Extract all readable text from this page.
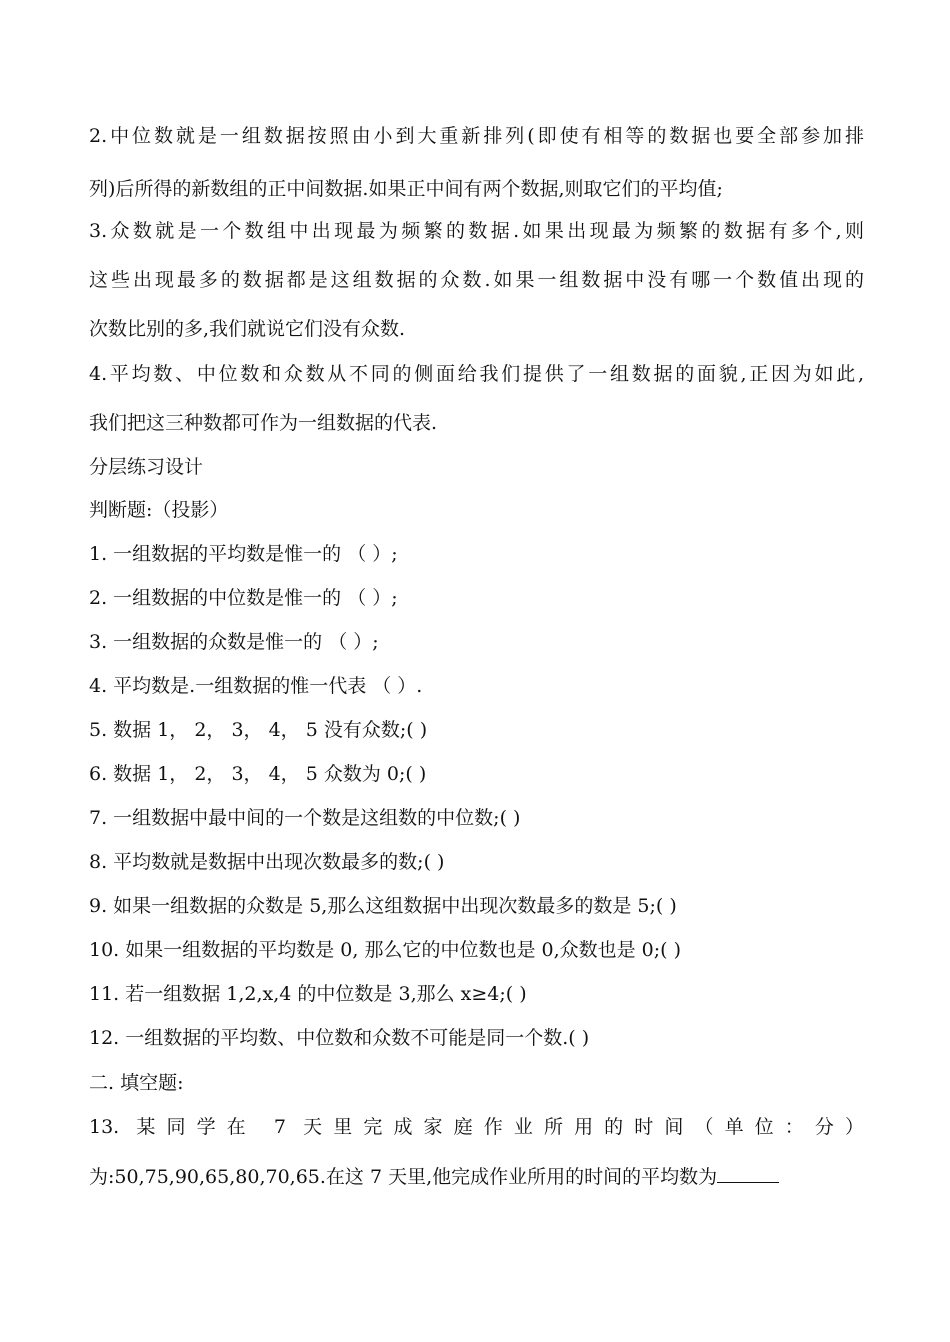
2.中位数就是一组数据按照由小到大重新排列(即使有相等的数据也要全部参加排
列)后所得的新数组的正中间数据.如果正中间有两个数据,则取它们的平均值;
3.众数就是一个数组中出现最为频繁的数据.如果出现最为频繁的数据有多个,则
这些出现最多的数据都是这组数据的众数.如果一组数据中没有哪一个数值出现的
次数比别的多,我们就说它们没有众数.
4.平均数、中位数和众数从不同的侧面给我们提供了一组数据的面貌,正因为如此,
我们把这三种数都可作为一组数据的代表.
分层练习设计
判断题:（投影）
1. 一组数据的平均数是惟一的 （ ）;
2. 一组数据的中位数是惟一的 （ ）;
3. 一组数据的众数是惟一的 （ ）;
4. 平均数是.一组数据的惟一代表 （ ）.
5. 数据 1， 2， 3， 4， 5 没有众数;( )
6. 数据 1， 2， 3， 4， 5 众数为 0;( )
7. 一组数据中最中间的一个数是这组数的中位数;( )
8. 平均数就是数据中出现次数最多的数;( )
9. 如果一组数据的众数是 5,那么这组数据中出现次数最多的数是 5;( )
10. 如果一组数据的平均数是 0, 那么它的中位数也是 0,众数也是 0;( )
11. 若一组数据 1,2,x,4 的中位数是 3,那么 x≥4;( )
12. 一组数据的平均数、中位数和众数不可能是同一个数.( )
二. 填空题:
13. 某同学在 7 天里完成家庭作业所用的时间（单位：分）
为:50,75,90,65,80,70,65.在这 7 天里,他完成作业所用的时间的平均数为
